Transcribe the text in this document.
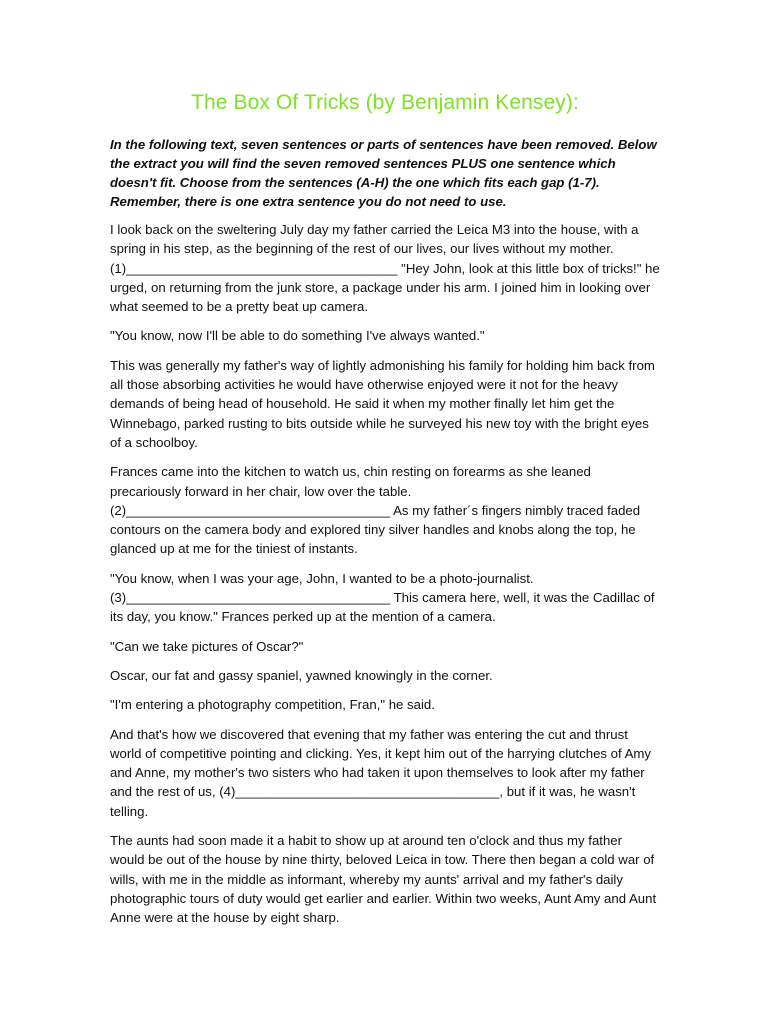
The Box Of Tricks (by Benjamin Kensey):

In the following text, seven sentences or parts of sentences have been removed. Below the extract you will find the seven removed sentences PLUS one sentence which doesn't fit. Choose from the sentences (A-H) the one which fits each gap (1-7). Remember, there is one extra sentence you do not need to use.

I look back on the sweltering July day my father carried the Leica M3 into the house, with a spring in his step, as the beginning of the rest of our lives, our lives without my mother. (1)_____________________________________ "Hey John, look at this little box of tricks!" he urged, on returning from the junk store, a package under his arm. I joined him in looking over what seemed to be a pretty beat up camera.

"You know, now I'll be able to do something I've always wanted."

This was generally my father's way of lightly admonishing his family for holding him back from all those absorbing activities he would have otherwise enjoyed were it not for the heavy demands of being head of household. He said it when my mother finally let him get the Winnebago, parked rusting to bits outside while he surveyed his new toy with the bright eyes of a schoolboy.

Frances came into the kitchen to watch us, chin resting on forearms as she leaned precariously forward in her chair, low over the table. (2)____________________________________ As my father´s fingers nimbly traced faded contours on the camera body and explored tiny silver handles and knobs along the top, he glanced up at me for the tiniest of instants.

"You know, when I was your age, John, I wanted to be a photo-journalist. (3)____________________________________ This camera here, well, it was the Cadillac of its day, you know." Frances perked up at the mention of a camera.

"Can we take pictures of Oscar?"

Oscar, our fat and gassy spaniel, yawned knowingly in the corner.

"I'm entering a photography competition, Fran," he said.

And that's how we discovered that evening that my father was entering the cut and thrust world of competitive pointing and clicking. Yes, it kept him out of the harrying clutches of Amy and Anne, my mother's two sisters who had taken it upon themselves to look after my father and the rest of us, (4)____________________________________, but if it was, he wasn't telling.

The aunts had soon made it a habit to show up at around ten o'clock and thus my father would be out of the house by nine thirty, beloved Leica in tow. There then began a cold war of wills, with me in the middle as informant, whereby my aunts' arrival and my father's daily photographic tours of duty would get earlier and earlier. Within two weeks, Aunt Amy and Aunt Anne were at the house by eight sharp.
